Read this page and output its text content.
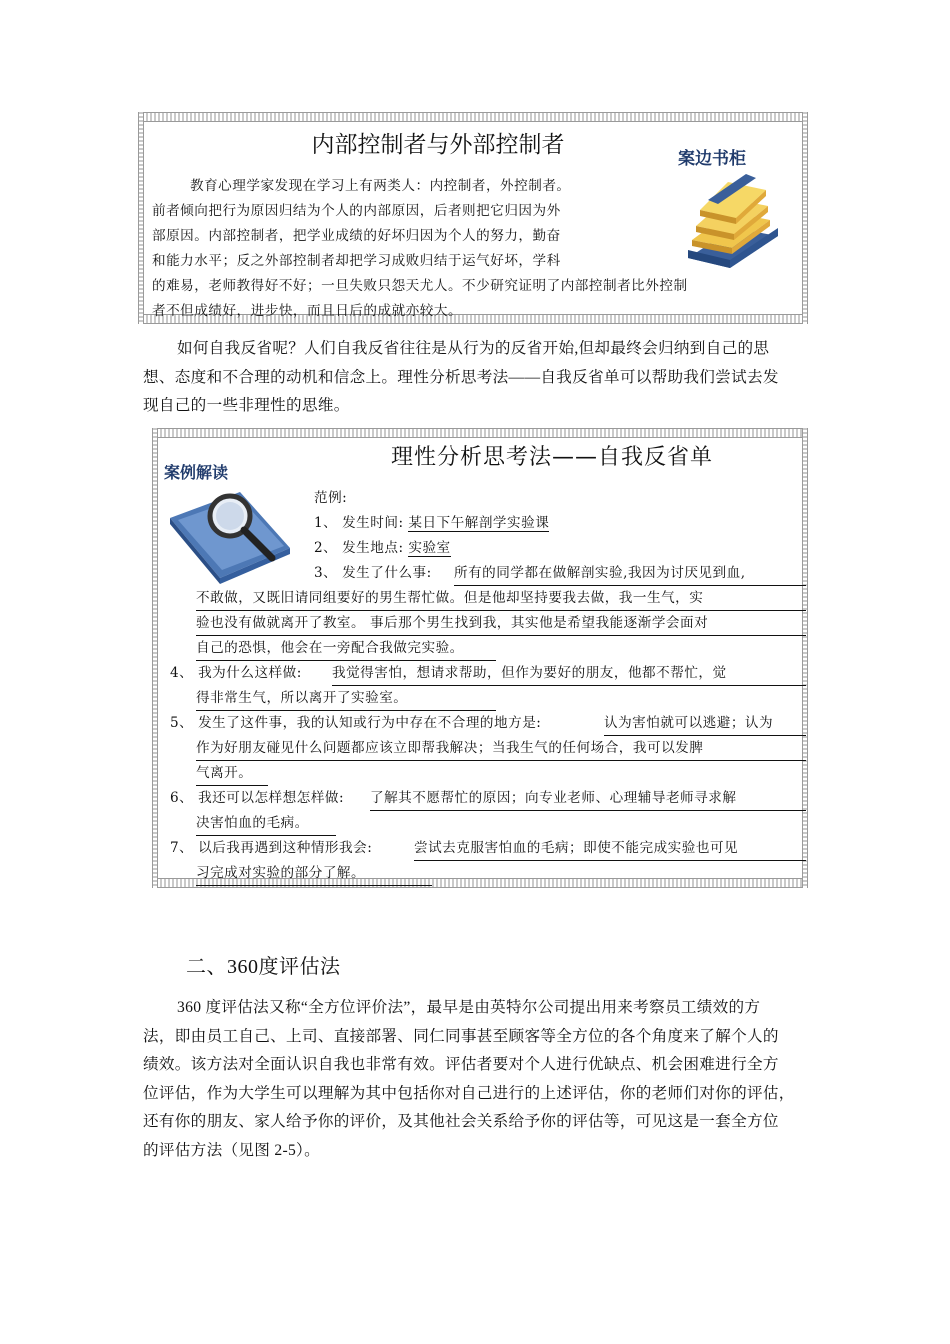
内部控制者与外部控制者

教育心理学家发现在学习上有两类人：内控制者，外控制者。

前者倾向把行为原因归结为个人的内部原因，后者则把它归因为外

部原因。内部控制者，把学业成绩的好坏归因为个人的努力，勤奋

和能力水平；反之外部控制者却把学习成败归结于运气好坏，学科

的难易，老师教得好不好；一旦失败只怨天尤人。不少研究证明了内部控制者比外控制

者不但成绩好，进步快，而且日后的成就亦较大。

案边书柜

如何自我反省呢？人们自我反省往往是从行为的反省开始,但却最终会归纳到自己的思

想、态度和不合理的动机和信念上。理性分析思考法——自我反省单可以帮助我们尝试去发

现自己的一些非理性的思维。

理性分析思考法——自我反省单
案例解读
范例:
1、 发生时间: 某日下午解剖学实验课
2、 发生地点: 实验室
3、 发生了什么事: 所有的同学都在做解剖实验,我因为讨厌见到血,
不敢做，又既旧请同组要好的男生帮忙做。但是他却坚持要我去做，我一生气，实
验也没有做就离开了教室。 事后那个男生找到我，其实他是希望我能逐渐学会面对
自己的恐惧，他会在一旁配合我做完实验。
4、 我为什么这样做: 我觉得害怕，想请求帮助，但作为要好的朋友，他都不帮忙，觉
得非常生气，所以离开了实验室。
5、 发生了这件事，我的认知或行为中存在不合理的地方是:	认为害怕就可以逃避；认为
作为好朋友碰见什么问题都应该立即帮我解决；当我生气的任何场合，我可以发脾
气离开。
6、 我还可以怎样想怎样做: 了解其不愿帮忙的原因；向专业老师、心理辅导老师寻求解
决害怕血的毛病。
7、 以后我再遇到这种情形我会:	尝试去克服害怕血的毛病；即使不能完成实验也可见
习完成对实验的部分了解。
二、360度评估法

360 度评估法又称“全方位评价法”，最早是由英特尔公司提出用来考察员工绩效的方

法，即由员工自己、上司、直接部署、同仁同事甚至顾客等全方位的各个角度来了解个人的

绩效。该方法对全面认识自我也非常有效。评估者要对个人进行优缺点、机会困难进行全方

位评估，作为大学生可以理解为其中包括你对自己进行的上述评估，你的老师们对你的评估，

还有你的朋友、家人给予你的评价，及其他社会关系给予你的评估等，可见这是一套全方位

的评估方法（见图 2-5）。
